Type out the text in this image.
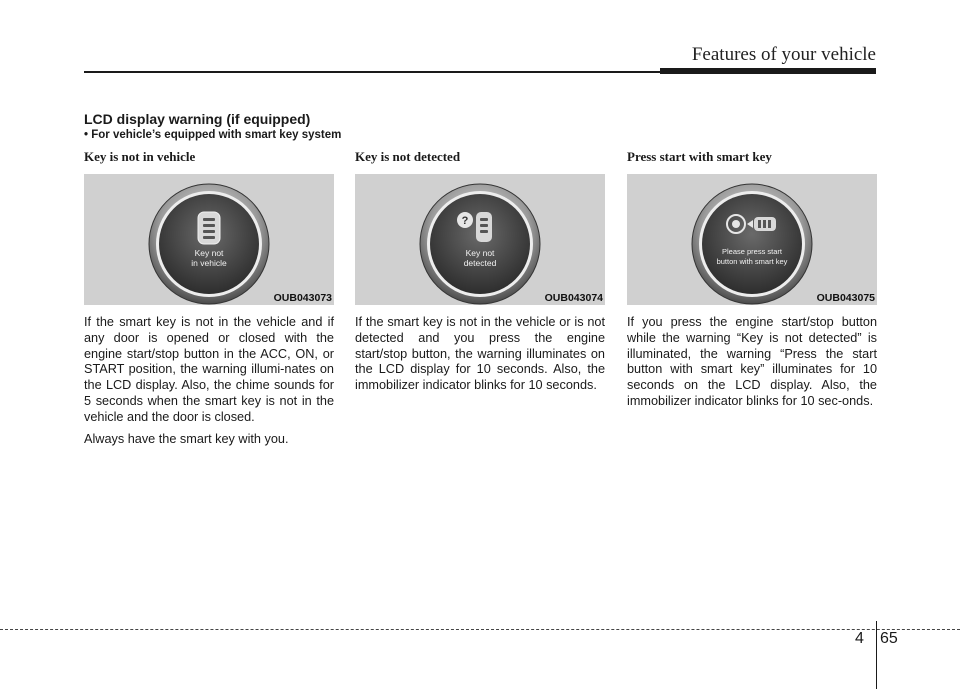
Features of your vehicle
LCD display warning (if equipped)
• For vehicle’s equipped with smart key system
Key is not in vehicle
Key not
in vehicle
OUB043073

If the smart key is not in the vehicle and if any door is opened or closed with the engine start/stop button in the ACC, ON, or START position, the warning illumi-nates on the LCD display. Also, the chime sounds for 5 seconds when the smart key is not in the vehicle and the door is closed.

Always have the smart key with you.

Key is not detected
?
Key not
detected
OUB043074

If the smart key is not in the vehicle or is not detected and you press the engine start/stop button, the warning illuminates on the LCD display for 10 seconds. Also, the immobilizer indicator blinks for 10 seconds.

Press start with smart key
Please press start
button with smart key
OUB043075

If you press the engine start/stop button while the warning “Key is not detected” is illuminated, the warning “Press the start button with smart key” illuminates for 10 seconds on the LCD display. Also, the immobilizer indicator blinks for 10 sec-onds.

4 65
